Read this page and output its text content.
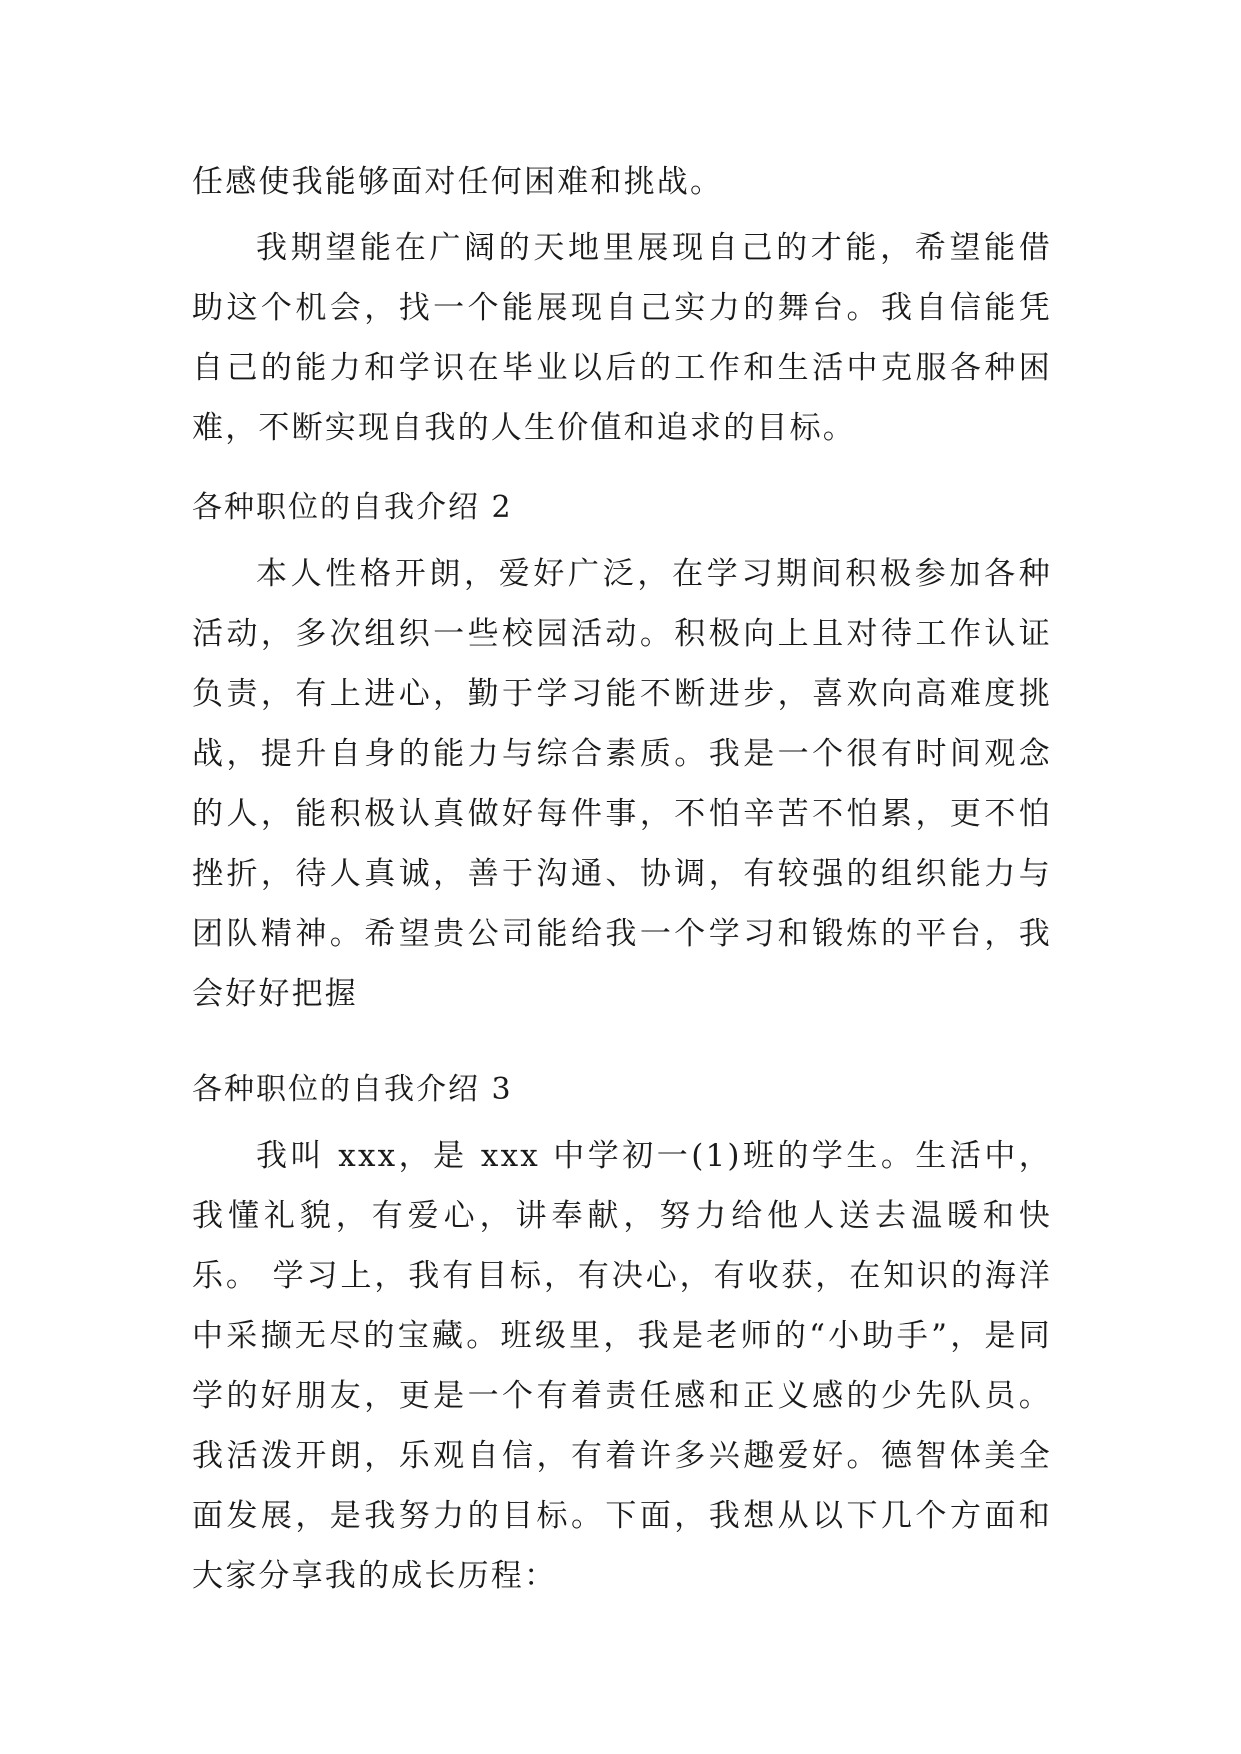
任感使我能够面对任何困难和挑战。

我期望能在广阔的天地里展现自己的才能，希望能借助这个机会，找一个能展现自己实力的舞台。我自信能凭自己的能力和学识在毕业以后的工作和生活中克服各种困难，不断实现自我的人生价值和追求的目标。

各种职位的自我介绍 2

本人性格开朗，爱好广泛，在学习期间积极参加各种活动，多次组织一些校园活动。积极向上且对待工作认证负责，有上进心，勤于学习能不断进步，喜欢向高难度挑战，提升自身的能力与综合素质。我是一个很有时间观念的人，能积极认真做好每件事，不怕辛苦不怕累，更不怕挫折，待人真诚，善于沟通、协调，有较强的组织能力与团队精神。希望贵公司能给我一个学习和锻炼的平台，我会好好把握

各种职位的自我介绍 3

我叫 xxx，是 xxx 中学初一(1)班的学生。生活中，我懂礼貌，有爱心，讲奉献，努力给他人送去温暖和快乐。 学习上，我有目标，有决心，有收获，在知识的海洋中采撷无尽的宝藏。班级里，我是老师的“小助手”，是同学的好朋友，更是一个有着责任感和正义感的少先队员。我活泼开朗，乐观自信，有着许多兴趣爱好。德智体美全面发展，是我努力的目标。下面，我想从以下几个方面和大家分享我的成长历程：
